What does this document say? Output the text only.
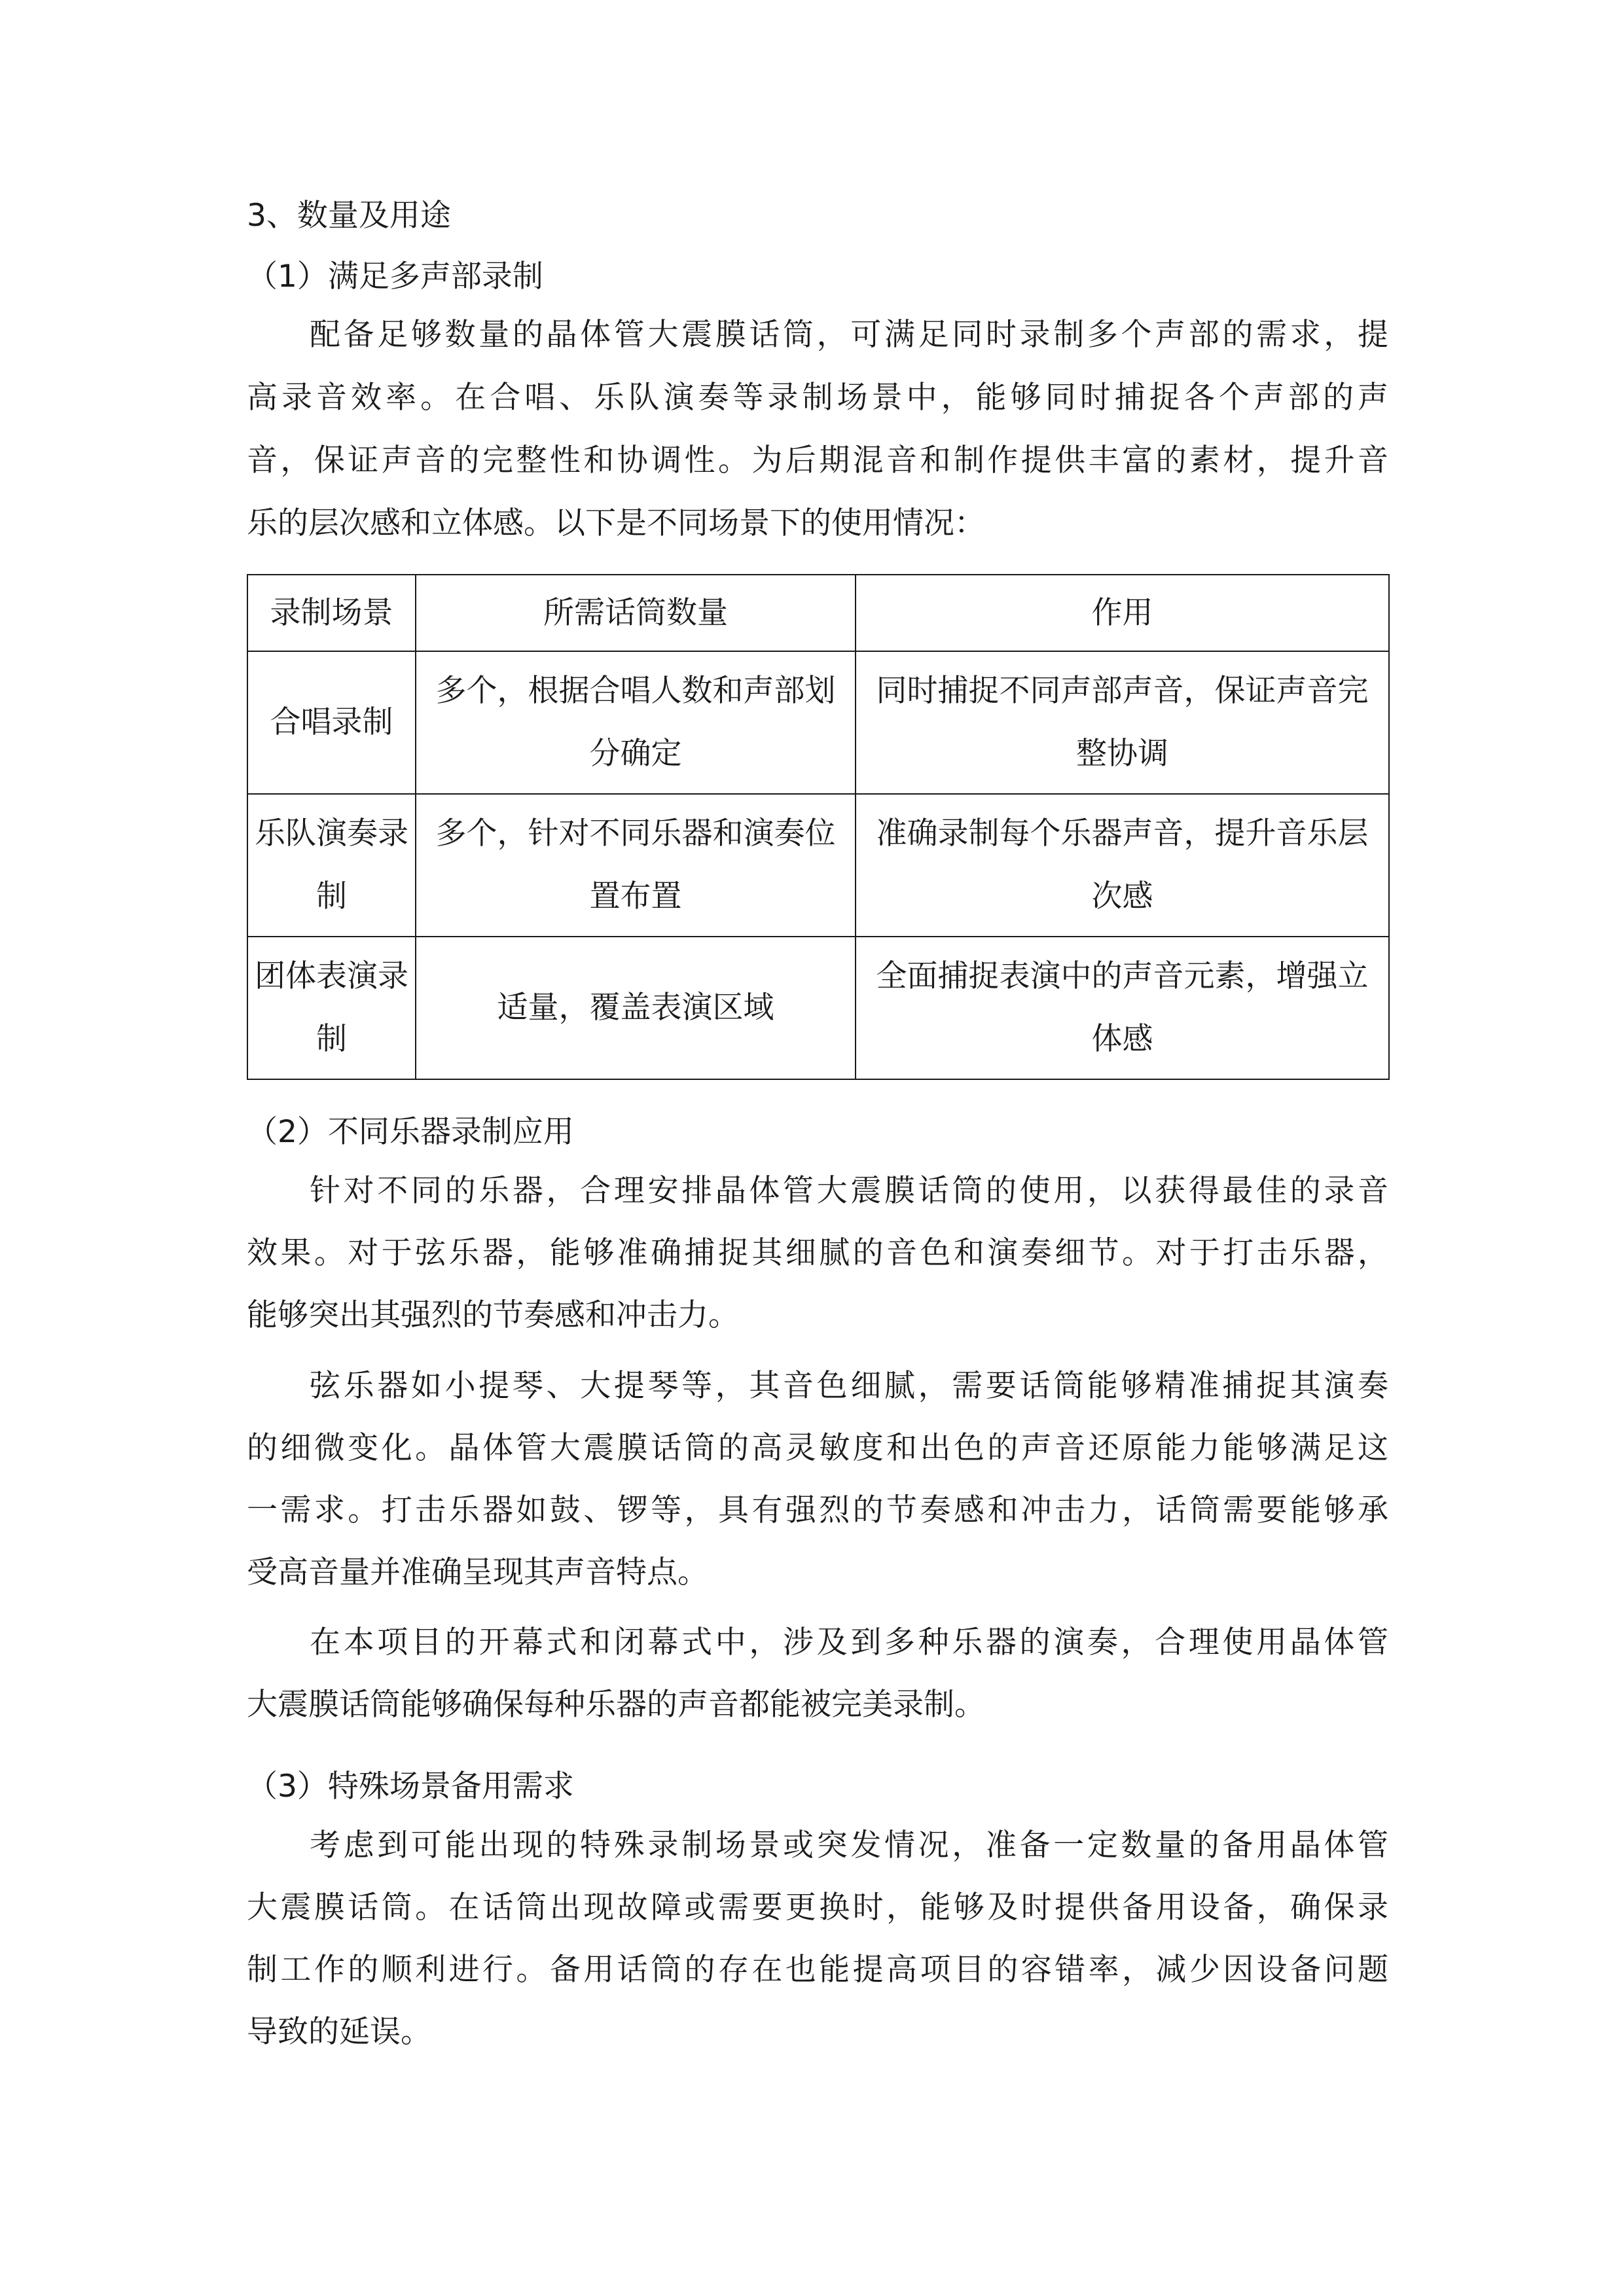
3、数量及用途

（1）满足多声部录制

配备足够数量的晶体管大震膜话筒，可满足同时录制多个声部的需求，提

高录音效率。在合唱、乐队演奏等录制场景中，能够同时捕捉各个声部的声

音，保证声音的完整性和协调性。为后期混音和制作提供丰富的素材，提升音

乐的层次感和立体感。以下是不同场景下的使用情况：

录制场景	所需话筒数量	作用
合唱录制	多个，根据合唱人数和声部划分确定	同时捕捉不同声部声音，保证声音完整协调
乐队演奏录制	多个，针对不同乐器和演奏位置布置	准确录制每个乐器声音，提升音乐层次感
团体表演录制	适量，覆盖表演区域	全面捕捉表演中的声音元素，增强立体感

（2）不同乐器录制应用

针对不同的乐器，合理安排晶体管大震膜话筒的使用，以获得最佳的录音

效果。对于弦乐器，能够准确捕捉其细腻的音色和演奏细节。对于打击乐器，

能够突出其强烈的节奏感和冲击力。

弦乐器如小提琴、大提琴等，其音色细腻，需要话筒能够精准捕捉其演奏

的细微变化。晶体管大震膜话筒的高灵敏度和出色的声音还原能力能够满足这

一需求。打击乐器如鼓、锣等，具有强烈的节奏感和冲击力，话筒需要能够承

受高音量并准确呈现其声音特点。

在本项目的开幕式和闭幕式中，涉及到多种乐器的演奏，合理使用晶体管

大震膜话筒能够确保每种乐器的声音都能被完美录制。

（3）特殊场景备用需求

考虑到可能出现的特殊录制场景或突发情况，准备一定数量的备用晶体管

大震膜话筒。在话筒出现故障或需要更换时，能够及时提供备用设备，确保录

制工作的顺利进行。备用话筒的存在也能提高项目的容错率，减少因设备问题

导致的延误。
